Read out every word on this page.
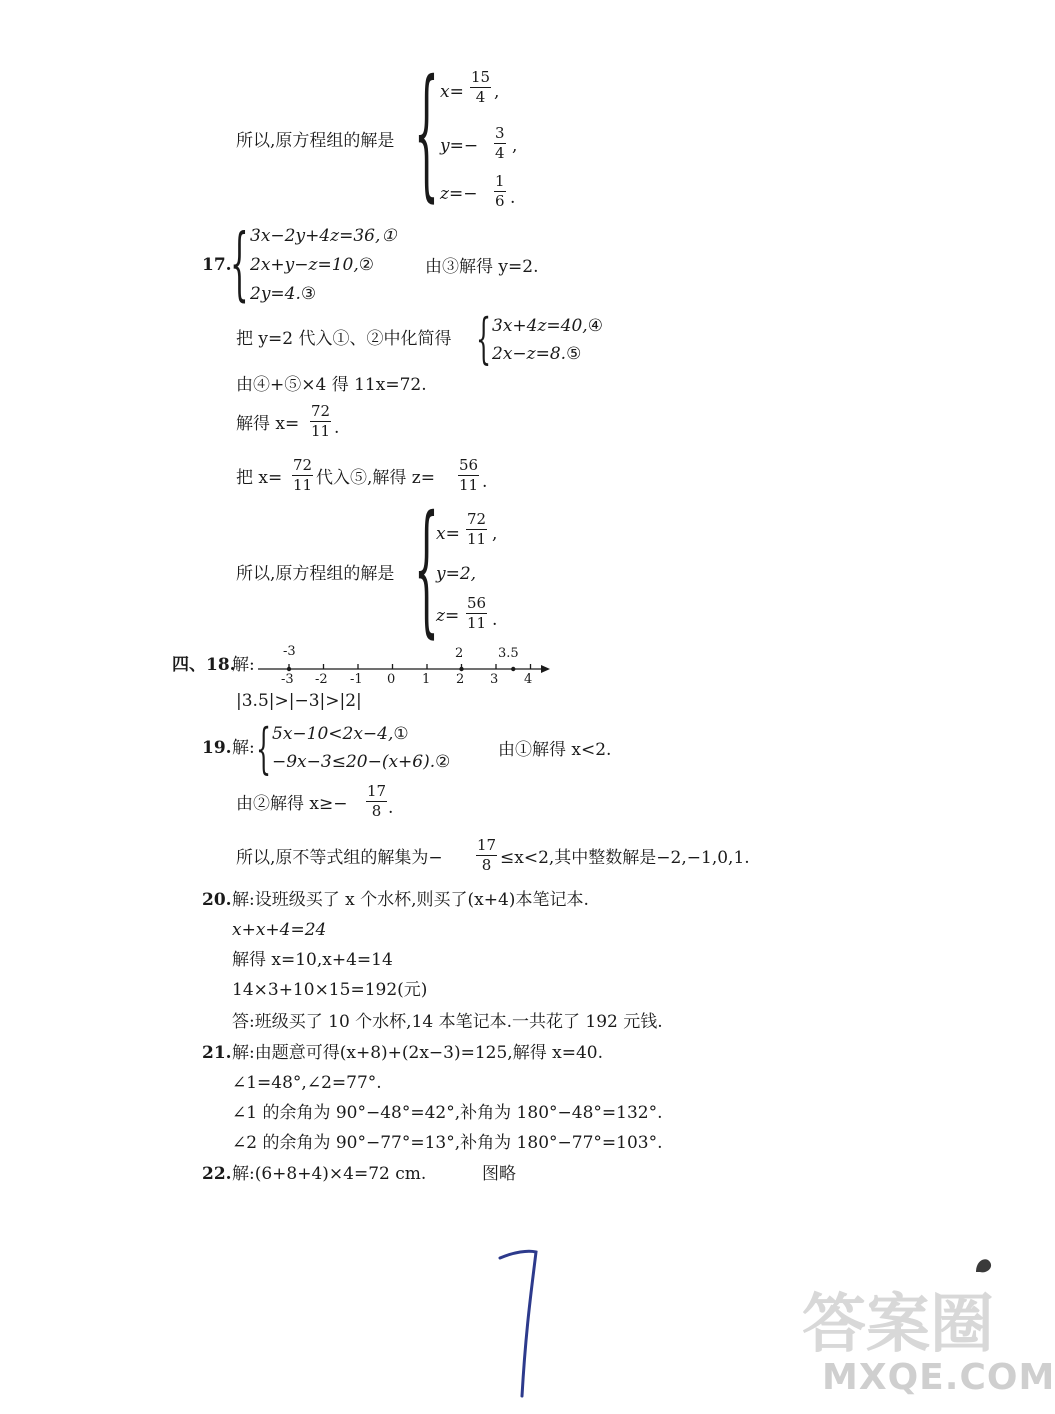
所以,原方程组的解是 { $x= \frac{15}{4}$ ,
$y=- \frac{3}{4}$ ,
$z=- \frac{1}{6}$ .
17.
{ 3x−2y+4z=36,①
2x+y−z=10,②	由③解得 y=2.
2y=4.③
把 y=2 代入①、②中化简得 { 3x+4z=40,④
2x−z=8.⑤
由④+⑤×4 得 11x=72.
解得 $x= \frac{72}{11}$ .
把 $x= \frac{72}{11}$ 代入⑤,解得 $z= \frac{56}{11}$ .
所以,原方程组的解是 {
$x= \frac{72}{11}$ ,
y=2,
$z= \frac{56}{11}$ .
四、18.
解:
-3	2	3.5
-3 -2 -1 0 1 2 3 4
|3.5|>|−3|>|2|
19. 解: { 5x−10<2x−4,①
−9x−3≤20−(x+6).②
由①解得 x<2.
由②解得 $x\ge- \frac{17}{8}$ .
所以,原不等式组的解集为− $\frac{17}{8} \le x<2$,其中整数解是−2,−1,0,1.
20. 解:设班级买了 x 个水杯,则买了(x+4)本笔记本.
x+x+4=24
解得 x=10,x+4=14
14×3+10×15=192(元)
答:班级买了 10 个水杯,14 本笔记本.一共花了 192 元钱.
21. 解:由题意可得(x+8)+(2x−3)=125,解得 x=40.
∠1=48°,∠2=77°.
∠1 的余角为 90°−48°=42°,补角为 180°−48°=132°.
∠2 的余角为 90°−77°=13°,补角为 180°−77°=103°.
22. 解:(6+8+4)×4=72 cm.	图略
答案圈
MXQE.COM
